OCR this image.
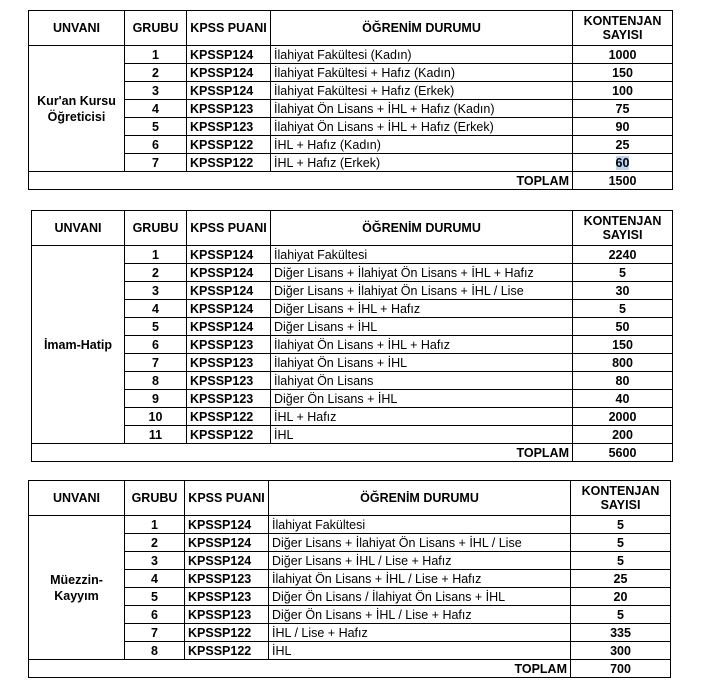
UNVANI	GRUBU	KPSS PUANI	ÖĞRENİM DURUMU	KONTENJAN SAYISI
Kur'an Kursu Öğreticisi	1	KPSSP124	İlahiyat Fakültesi (Kadın)	1000
	2	KPSSP124	İlahiyat Fakültesi + Hafız (Kadın)	150
	3	KPSSP124	İlahiyat Fakültesi + Hafız (Erkek)	100
	4	KPSSP123	İlahiyat Ön Lisans + İHL + Hafız (Kadın)	75
	5	KPSSP123	İlahiyat Ön Lisans + İHL + Hafız (Erkek)	90
	6	KPSSP122	İHL + Hafız (Kadın)	25
	7	KPSSP122	İHL + Hafız (Erkek)	60
TOPLAM				1500
UNVANI	GRUBU	KPSS PUANI	ÖĞRENİM DURUMU	KONTENJAN SAYISI
İmam-Hatip	1	KPSSP124	İlahiyat Fakültesi	2240
	2	KPSSP124	Diğer Lisans + İlahiyat Ön Lisans + İHL + Hafız	5
	3	KPSSP124	Diğer Lisans + İlahiyat Ön Lisans + İHL / Lise	30
	4	KPSSP124	Diğer Lisans + İHL + Hafız	5
	5	KPSSP124	Diğer Lisans + İHL	50
	6	KPSSP123	İlahiyat Ön Lisans + İHL + Hafız	150
	7	KPSSP123	İlahiyat Ön Lisans + İHL	800
	8	KPSSP123	İlahiyat Ön Lisans	80
	9	KPSSP123	Diğer Ön Lisans + İHL	40
	10	KPSSP122	İHL + Hafız	2000
	11	KPSSP122	İHL	200
TOPLAM				5600
UNVANI	GRUBU	KPSS PUANI	ÖĞRENİM DURUMU	KONTENJAN SAYISI
Müezzin-Kayyım	1	KPSSP124	İlahiyat Fakültesi	5
	2	KPSSP124	Diğer Lisans + İlahiyat Ön Lisans + İHL / Lise	5
	3	KPSSP124	Diğer Lisans + İHL / Lise + Hafız	5
	4	KPSSP123	İlahiyat Ön Lisans + İHL / Lise + Hafız	25
	5	KPSSP123	Diğer Ön Lisans / İlahiyat Ön Lisans + İHL	20
	6	KPSSP123	Diğer Ön Lisans + İHL / Lise + Hafız	5
	7	KPSSP122	İHL / Lise + Hafız	335
	8	KPSSP122	İHL	300
TOPLAM				700
